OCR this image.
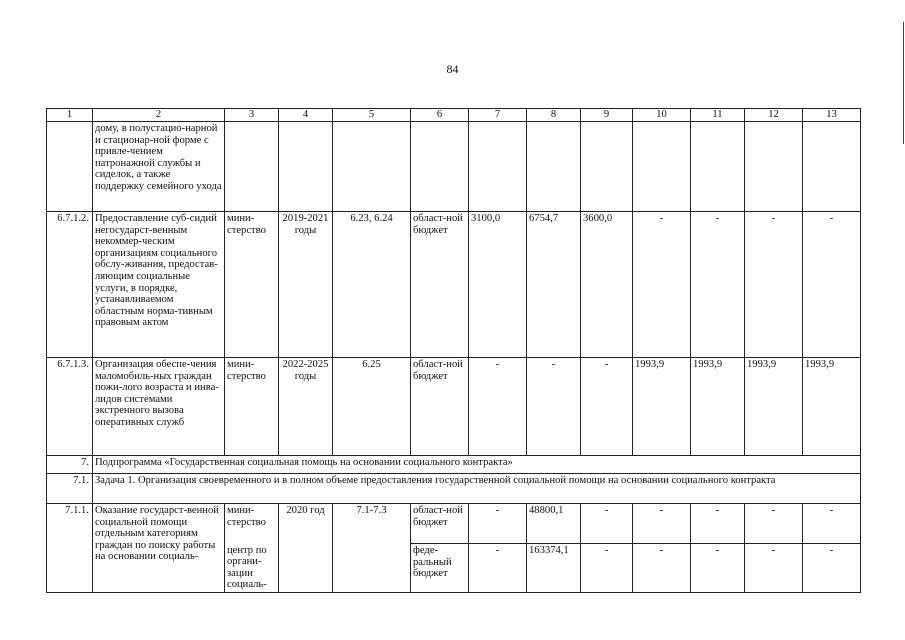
84
1	2	3	4	5	6	7	8	9	10	11	12	13
	дому, в полустацио-нарной и стационар-ной форме с привле-чением патронажной службы и сиделок, а также поддержку семейного ухода											
6.7.1.2.	Предоставление суб-сидий негосударст-венным некоммер-ческим организациям социального обслу-живания, предостав-ляющим социальные услуги, в порядке, устанавливаемом областным норма-тивным правовым актом	мини-стерство	2019-2021 годы	6.23, 6.24	област-ной бюджет	3100,0	6754,7	3600,0	-	-	-	-
6.7.1.3.	Организация обеспе-чения маломобиль-ных граждан пожи-лого возраста и инва-лидов системами экстренного вызова оперативных служб	мини-стерство	2022-2025 годы	6.25	област-ной бюджет	-	-	-	1993,9	1993,9	1993,9	1993,9
7.	Подпрограмма «Государственная социальная помощь на основании социального контракта»											
7.1.	Задача 1. Организация своевременного и в полном объеме предоставления государственной социальной помощи на основании социального контракта											
7.1.1.	Оказание государст-венной социальной помощи отдельным категориям граждан по поиску работы на основании социаль-	мини-стерство	2020 год	7.1-7.3	област-ной бюджет	-	48800,1	-	-	-	-	-
		центр по органи-зации социаль-			феде-ральный бюджет	-	163374,1	-	-	-	-	-
